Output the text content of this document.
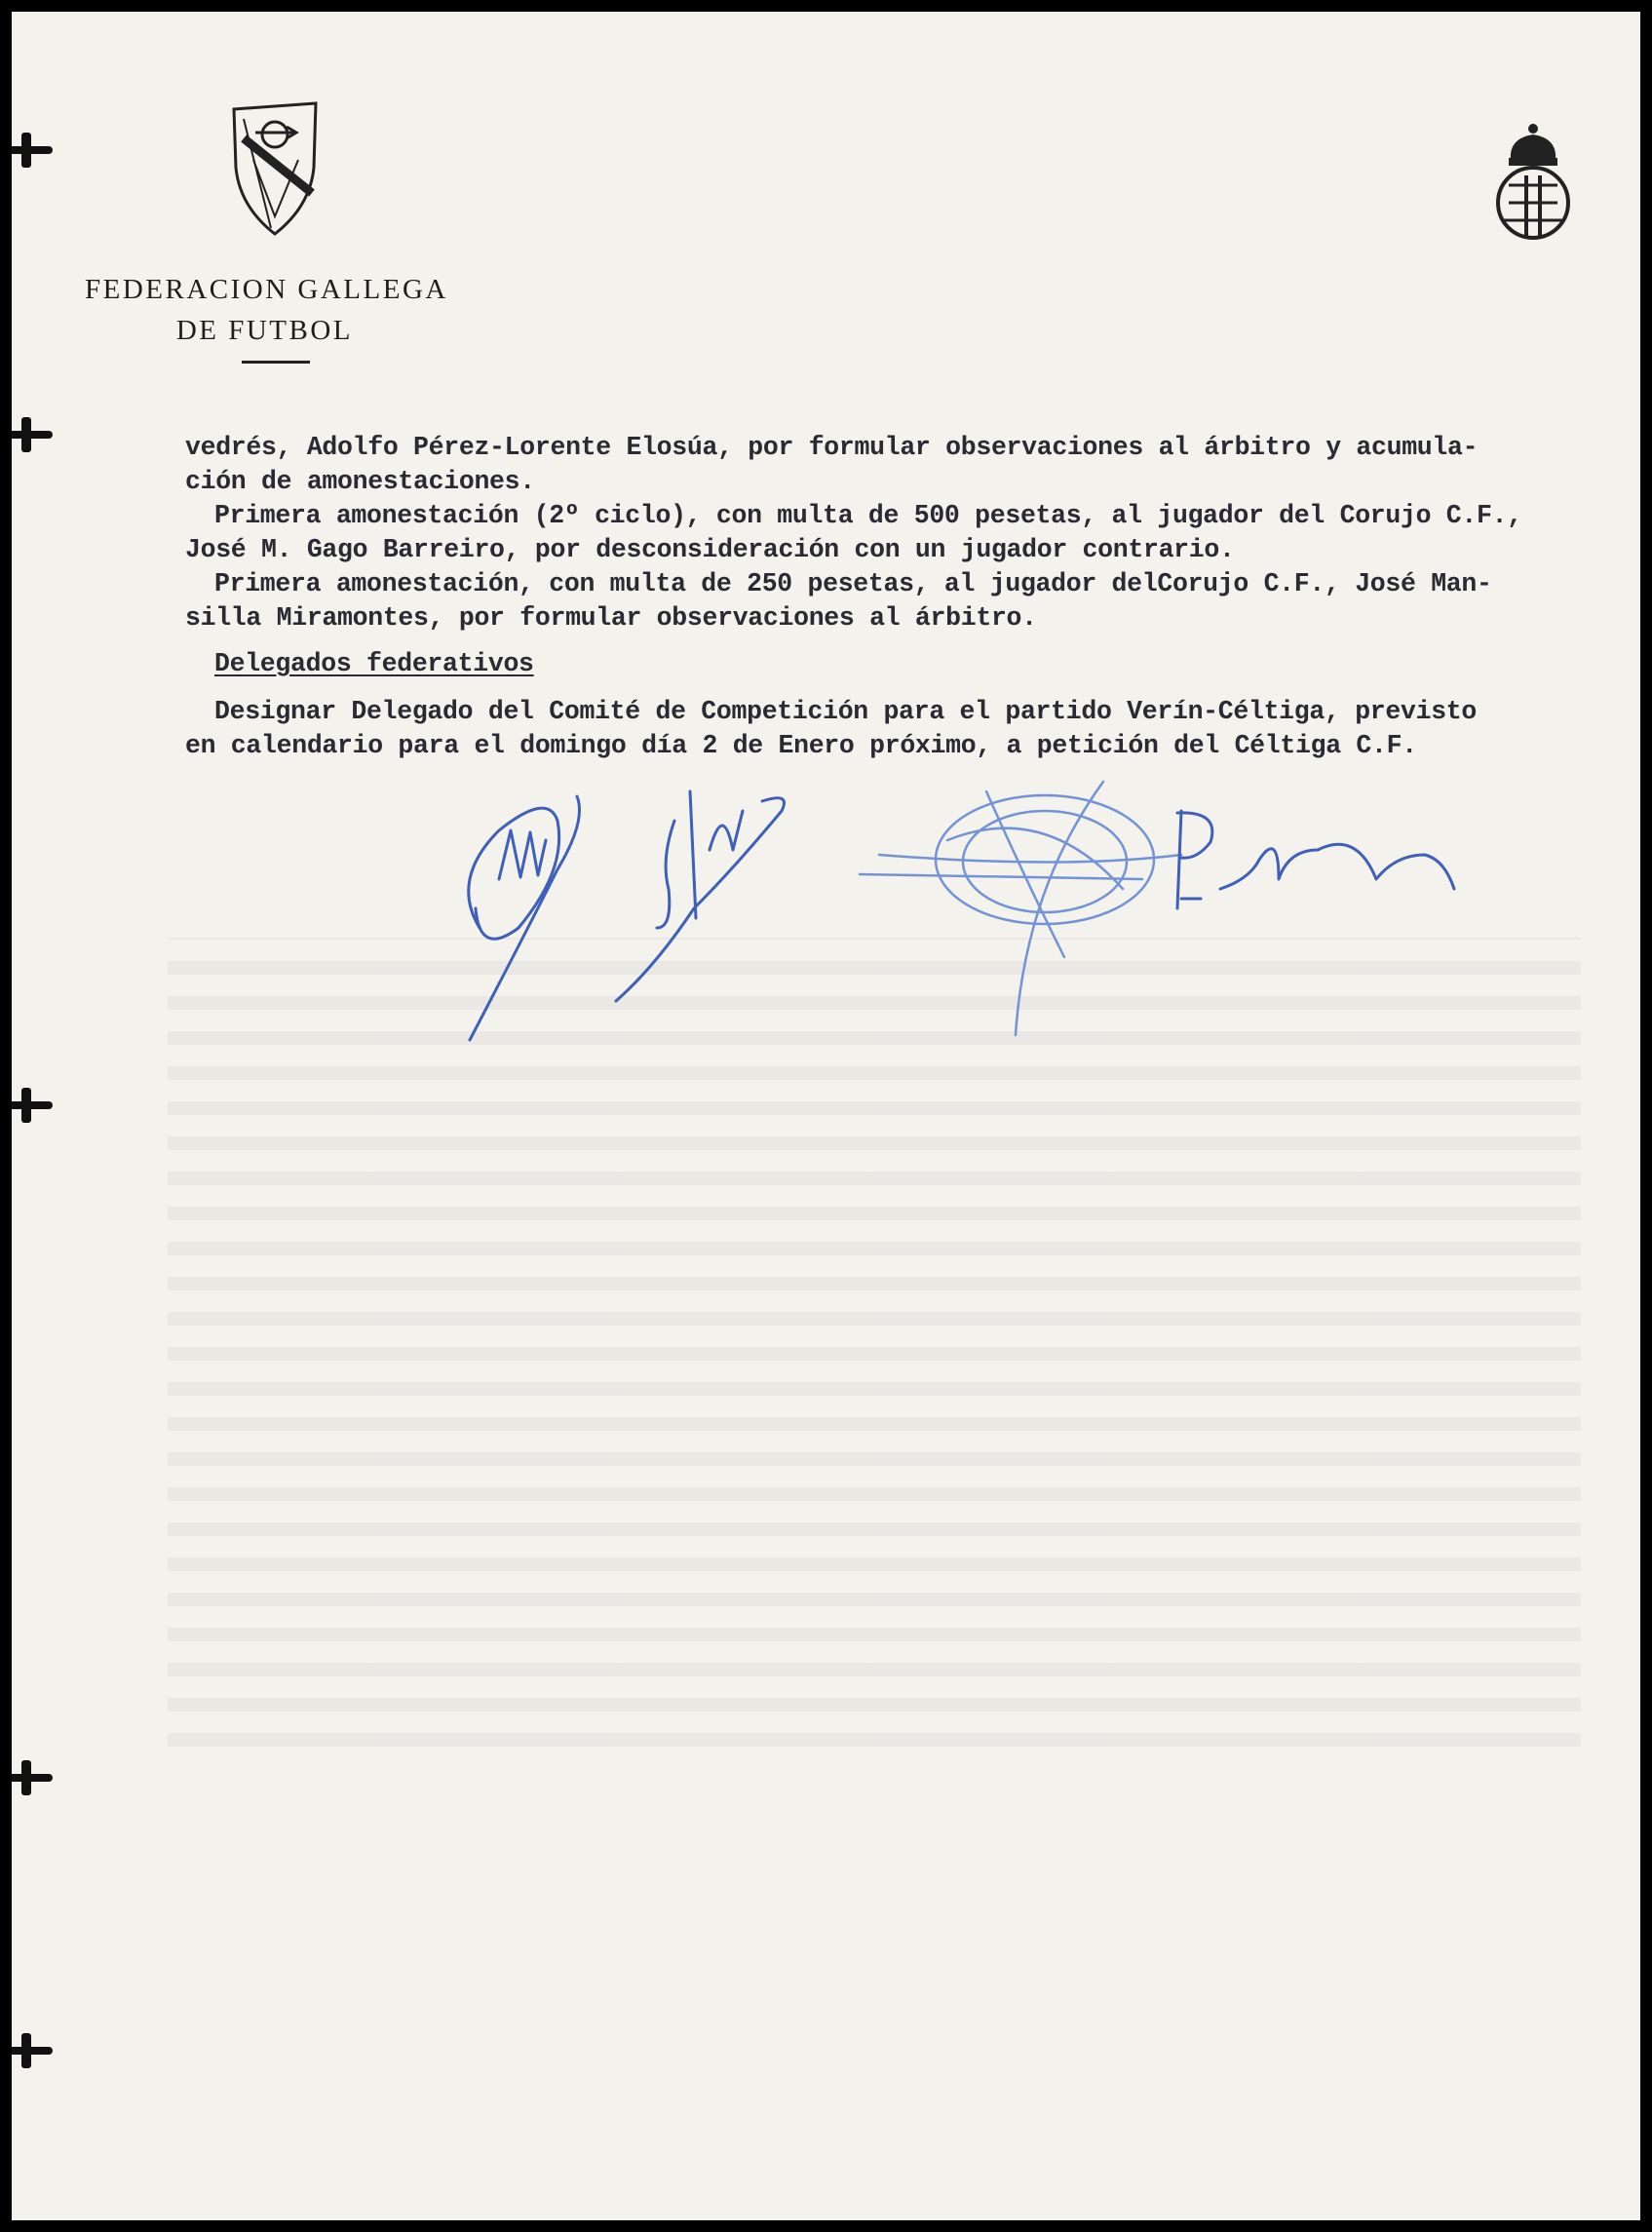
FEDERACION GALLEGA
DE FUTBOL
vedrés, Adolfo Pérez-Lorente Elosúa, por formular observaciones al árbitro y acumula-
ción de amonestaciones.
Primera amonestación (2º ciclo), con multa de 500 pesetas, al jugador del Corujo C.F.,
José M. Gago Barreiro, por desconsideración con un jugador contrario.
Primera amonestación, con multa de 250 pesetas, al jugador delCorujo C.F., José Man-
silla Miramontes, por formular observaciones al árbitro.
Delegados federativos
Designar Delegado del Comité de Competición para el partido Verín-Céltiga, previsto
en calendario para el domingo día 2 de Enero próximo, a petición del Céltiga C.F.
